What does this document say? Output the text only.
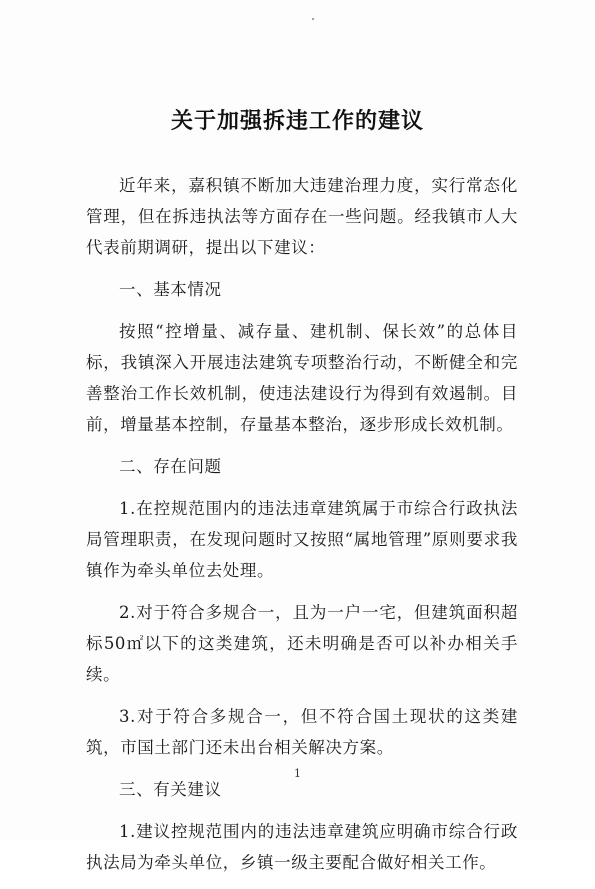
关于加强拆违工作的建议

近年来，嘉积镇不断加大违建治理力度，实行常态化管理，但在拆违执法等方面存在一些问题。经我镇市人大代表前期调研，提出以下建议：

一、基本情况

按照“控增量、减存量、建机制、保长效”的总体目标，我镇深入开展违法建筑专项整治行动，不断健全和完善整治工作长效机制，使违法建设行为得到有效遏制。目前，增量基本控制，存量基本整治，逐步形成长效机制。

二、存在问题

1.在控规范围内的违法违章建筑属于市综合行政执法局管理职责，在发现问题时又按照“属地管理”原则要求我镇作为牵头单位去处理。

2.对于符合多规合一，且为一户一宅，但建筑面积超标50㎡以下的这类建筑，还未明确是否可以补办相关手续。

3.对于符合多规合一，但不符合国土现状的这类建筑，市国土部门还未出台相关解决方案。

三、有关建议

1.建议控规范围内的违法违章建筑应明确市综合行政执法局为牵头单位，乡镇一级主要配合做好相关工作。

1
